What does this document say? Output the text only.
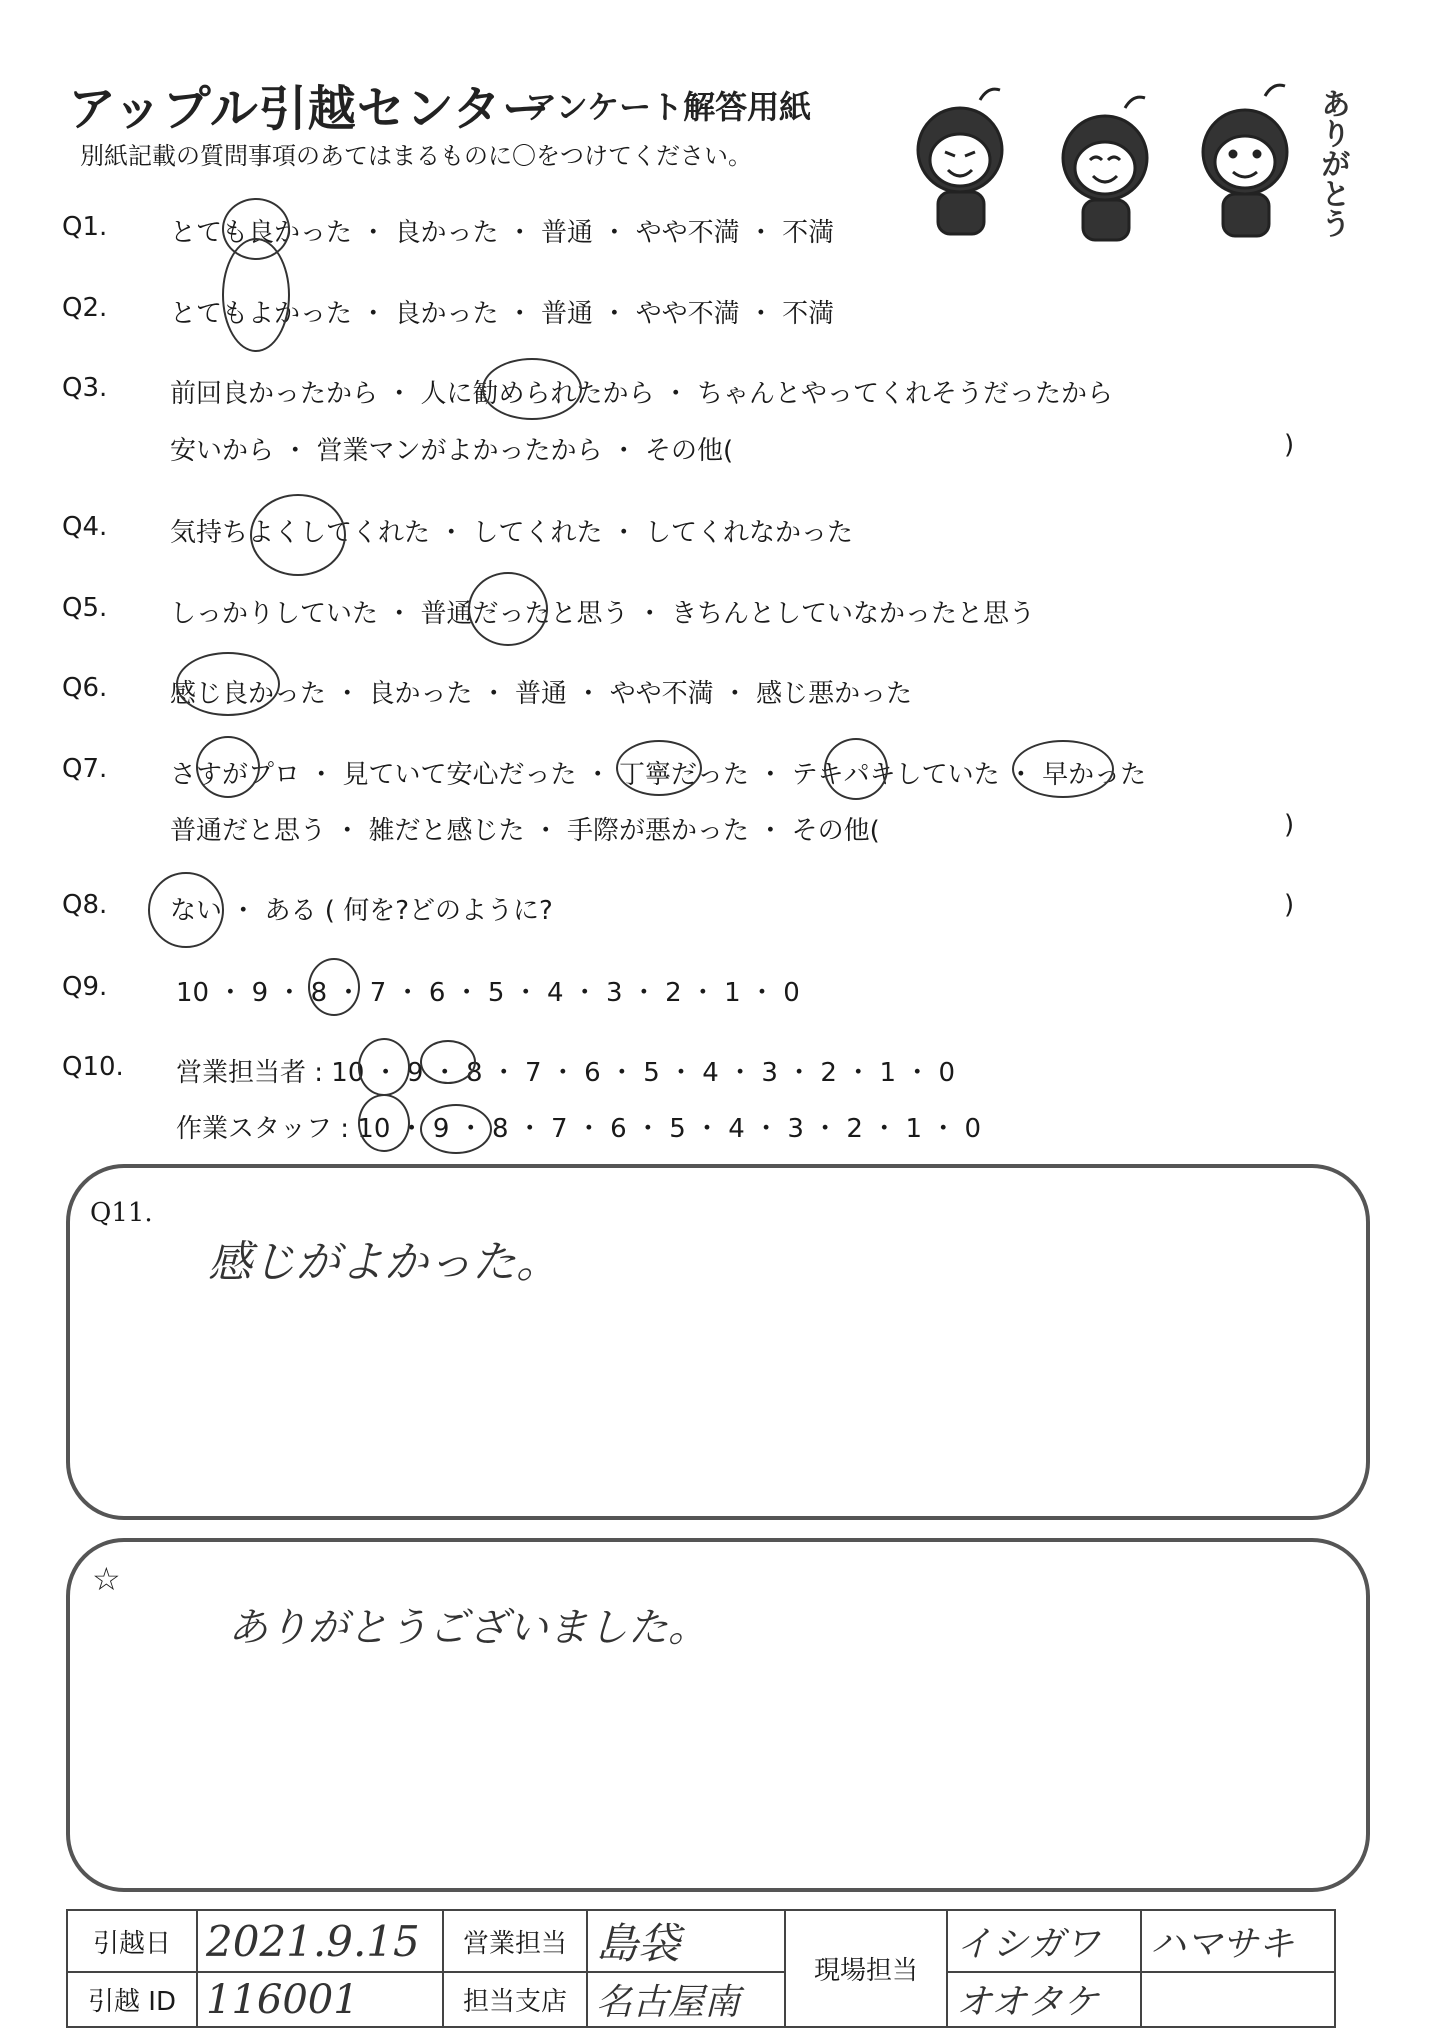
アップル引越センター
アンケート解答用紙
別紙記載の質問事項のあてはまるものに〇をつけてください。	ありがとう
Q1. とても良かった ・ 良かった ・ 普通 ・ やや不満 ・ 不満
Q2. とてもよかった ・ 良かった ・ 普通 ・ やや不満 ・ 不満
Q3. 前回良かったから ・ 人に勧められたから ・ ちゃんとやってくれそうだったから
安いから ・ 営業マンがよかったから ・ その他(	)
Q4. 気持ちよくしてくれた ・ してくれた ・ してくれなかった
Q5. しっかりしていた ・ 普通だったと思う ・ きちんとしていなかったと思う
Q6. 感じ良かった ・ 良かった ・ 普通 ・ やや不満 ・ 感じ悪かった
Q7. さすがプロ ・ 見ていて安心だった ・ 丁寧だった ・ テキパキしていた ・ 早かった
普通だと思う ・ 雑だと感じた ・ 手際が悪かった ・ その他(	)
Q8. ない ・ ある ( 何を?どのように?	)
Q9.	10 ・ 9 ・ 8 ・ 7 ・ 6 ・ 5 ・ 4 ・ 3 ・ 2 ・ 1 ・ 0
Q10. 営業担当者 : 10 ・ 9 ・ 8 ・ 7 ・ 6 ・ 5 ・ 4 ・ 3 ・ 2 ・ 1 ・ 0
作業スタッフ : 10 ・ 9 ・ 8 ・ 7 ・ 6 ・ 5 ・ 4 ・ 3 ・ 2 ・ 1 ・ 0
Q11.
感じがよかった。
☆
ありがとうございました。
引越日	2021.9.15	営業担当	島袋	現場担当	イシガワ	ハマサキ
引越 ID	116001	担当支店	名古屋南		オオタケ	
